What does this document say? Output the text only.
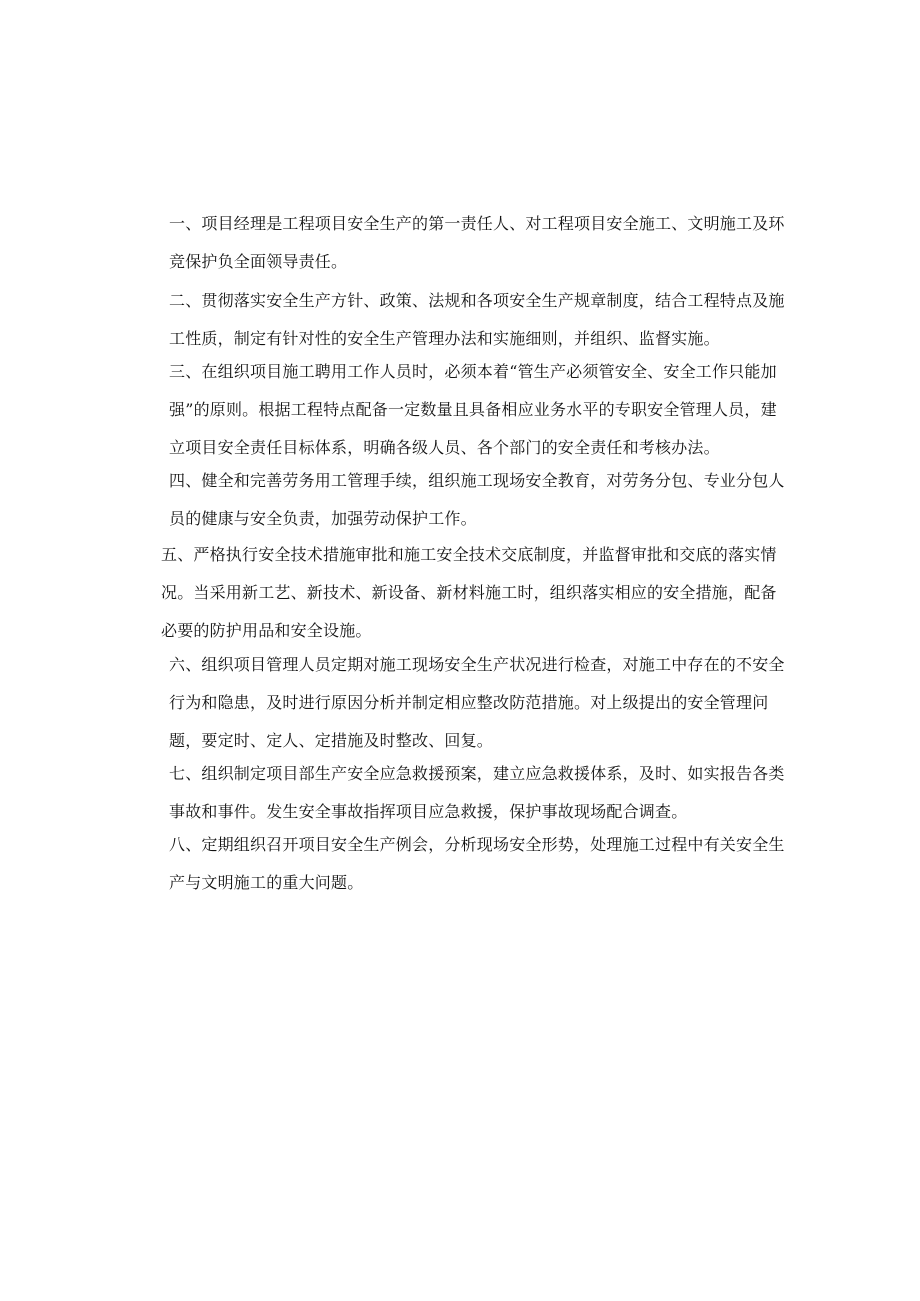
一、项目经理是工程项目安全生产的第一责任人、对工程项目安全施工、文明施工及环竞保护负全面领导责任。

二、贯彻落实安全生产方针、政策、法规和各项安全生产规章制度，结合工程特点及施工性质，制定有针对性的安全生产管理办法和实施细则，并组织、监督实施。

三、在组织项目施工聘用工作人员时，必须本着“管生产必须管安全、安全工作只能加强”的原则。根据工程特点配备一定数量且具备相应业务水平的专职安全管理人员，建立项目安全责任目标体系，明确各级人员、各个部门的安全责任和考核办法。

四、健全和完善劳务用工管理手续，组织施工现场安全教育，对劳务分包、专业分包人员的健康与安全负责，加强劳动保护工作。

五、严格执行安全技术措施审批和施工安全技术交底制度，并监督审批和交底的落实情况。当采用新工艺、新技术、新设备、新材料施工时，组织落实相应的安全措施，配备必要的防护用品和安全设施。

六、组织项目管理人员定期对施工现场安全生产状况进行检查，对施工中存在的不安全行为和隐患，及时进行原因分析并制定相应整改防范措施。对上级提出的安全管理问题，要定时、定人、定措施及时整改、回复。

七、组织制定项目部生产安全应急救援预案，建立应急救援体系，及时、如实报告各类事故和事件。发生安全事故指挥项目应急救援，保护事故现场配合调查。

八、定期组织召开项目安全生产例会，分析现场安全形势，处理施工过程中有关安全生产与文明施工的重大问题。
